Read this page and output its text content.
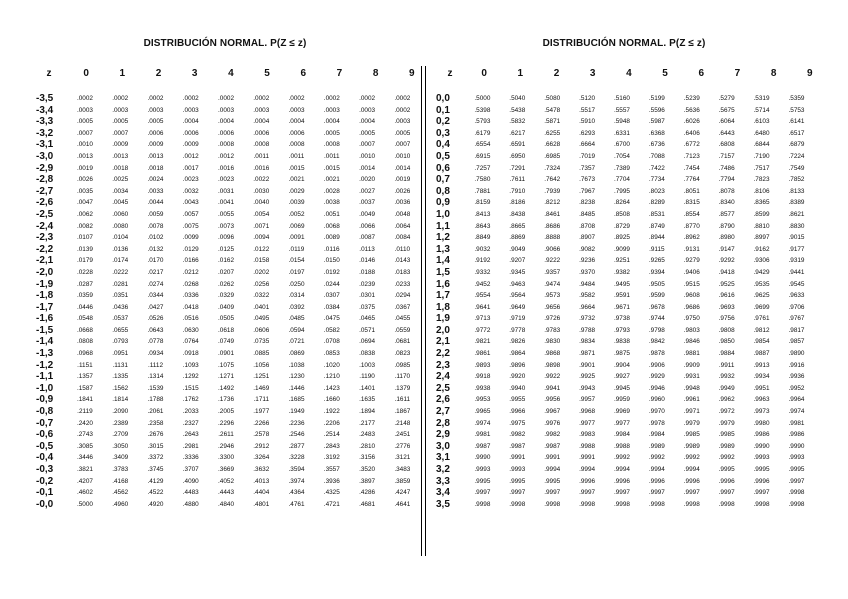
DISTRIBUCIÓN NORMAL. P(Z ≤ z)
z	0	1	2	3	4	5	6	7	8	9
-3,5	.0002	.0002	.0002	.0002	.0002	.0002	.0002	.0002	.0002	.0002
-3,4	.0003	.0003	.0003	.0003	.0003	.0003	.0003	.0003	.0003	.0002
-3,3	.0005	.0005	.0005	.0004	.0004	.0004	.0004	.0004	.0004	.0003
-3,2	.0007	.0007	.0006	.0006	.0006	.0006	.0006	.0005	.0005	.0005
-3,1	.0010	.0009	.0009	.0009	.0008	.0008	.0008	.0008	.0007	.0007
-3,0	.0013	.0013	.0013	.0012	.0012	.0011	.0011	.0011	.0010	.0010
-2,9	.0019	.0018	.0018	.0017	.0016	.0016	.0015	.0015	.0014	.0014
-2,8	.0026	.0025	.0024	.0023	.0023	.0022	.0021	.0021	.0020	.0019
-2,7	.0035	.0034	.0033	.0032	.0031	.0030	.0029	.0028	.0027	.0026
-2,6	.0047	.0045	.0044	.0043	.0041	.0040	.0039	.0038	.0037	.0036
-2,5	.0062	.0060	.0059	.0057	.0055	.0054	.0052	.0051	.0049	.0048
-2,4	.0082	.0080	.0078	.0075	.0073	.0071	.0069	.0068	.0066	.0064
-2,3	.0107	.0104	.0102	.0099	.0096	.0094	.0091	.0089	.0087	.0084
-2,2	.0139	.0136	.0132	.0129	.0125	.0122	.0119	.0116	.0113	.0110
-2,1	.0179	.0174	.0170	.0166	.0162	.0158	.0154	.0150	.0146	.0143
-2,0	.0228	.0222	.0217	.0212	.0207	.0202	.0197	.0192	.0188	.0183
-1,9	.0287	.0281	.0274	.0268	.0262	.0256	.0250	.0244	.0239	.0233
-1,8	.0359	.0351	.0344	.0336	.0329	.0322	.0314	.0307	.0301	.0294
-1,7	.0446	.0436	.0427	.0418	.0409	.0401	.0392	.0384	.0375	.0367
-1,6	.0548	.0537	.0526	.0516	.0505	.0495	.0485	.0475	.0465	.0455
-1,5	.0668	.0655	.0643	.0630	.0618	.0606	.0594	.0582	.0571	.0559
-1,4	.0808	.0793	.0778	.0764	.0749	.0735	.0721	.0708	.0694	.0681
-1,3	.0968	.0951	.0934	.0918	.0901	.0885	.0869	.0853	.0838	.0823
-1,2	.1151	.1131	.1112	.1093	.1075	.1056	.1038	.1020	.1003	.0985
-1,1	.1357	.1335	.1314	.1292	.1271	.1251	.1230	.1210	.1190	.1170
-1,0	.1587	.1562	.1539	.1515	.1492	.1469	.1446	.1423	.1401	.1379
-0,9	.1841	.1814	.1788	.1762	.1736	.1711	.1685	.1660	.1635	.1611
-0,8	.2119	.2090	.2061	.2033	.2005	.1977	.1949	.1922	.1894	.1867
-0,7	.2420	.2389	.2358	.2327	.2296	.2266	.2236	.2206	.2177	.2148
-0,6	.2743	.2709	.2676	.2643	.2611	.2578	.2546	.2514	.2483	.2451
-0,5	.3085	.3050	.3015	.2981	.2946	.2912	.2877	.2843	.2810	.2776
-0,4	.3446	.3409	.3372	.3336	.3300	.3264	.3228	.3192	.3156	.3121
-0,3	.3821	.3783	.3745	.3707	.3669	.3632	.3594	.3557	.3520	.3483
-0,2	.4207	.4168	.4129	.4090	.4052	.4013	.3974	.3936	.3897	.3859
-0,1	.4602	.4562	.4522	.4483	.4443	.4404	.4364	.4325	.4286	.4247
-0,0	.5000	.4960	.4920	.4880	.4840	.4801	.4761	.4721	.4681	.4641
DISTRIBUCIÓN NORMAL. P(Z ≤ z)
z	0	1	2	3	4	5	6	7	8	9
0,0	.5000	.5040	.5080	.5120	.5160	.5199	.5239	.5279	.5319	.5359
0,1	.5398	.5438	.5478	.5517	.5557	.5596	.5636	.5675	.5714	.5753
0,2	.5793	.5832	.5871	.5910	.5948	.5987	.6026	.6064	.6103	.6141
0,3	.6179	.6217	.6255	.6293	.6331	.6368	.6406	.6443	.6480	.6517
0,4	.6554	.6591	.6628	.6664	.6700	.6736	.6772	.6808	.6844	.6879
0,5	.6915	.6950	.6985	.7019	.7054	.7088	.7123	.7157	.7190	.7224
0,6	.7257	.7291	.7324	.7357	.7389	.7422	.7454	.7486	.7517	.7549
0,7	.7580	.7611	.7642	.7673	.7704	.7734	.7764	.7794	.7823	.7852
0,8	.7881	.7910	.7939	.7967	.7995	.8023	.8051	.8078	.8106	.8133
0,9	.8159	.8186	.8212	.8238	.8264	.8289	.8315	.8340	.8365	.8389
1,0	.8413	.8438	.8461	.8485	.8508	.8531	.8554	.8577	.8599	.8621
1,1	.8643	.8665	.8686	.8708	.8729	.8749	.8770	.8790	.8810	.8830
1,2	.8849	.8869	.8888	.8907	.8925	.8944	.8962	.8980	.8997	.9015
1,3	.9032	.9049	.9066	.9082	.9099	.9115	.9131	.9147	.9162	.9177
1,4	.9192	.9207	.9222	.9236	.9251	.9265	.9279	.9292	.9306	.9319
1,5	.9332	.9345	.9357	.9370	.9382	.9394	.9406	.9418	.9429	.9441
1,6	.9452	.9463	.9474	.9484	.9495	.9505	.9515	.9525	.9535	.9545
1,7	.9554	.9564	.9573	.9582	.9591	.9599	.9608	.9616	.9625	.9633
1,8	.9641	.9649	.9656	.9664	.9671	.9678	.9686	.9693	.9699	.9706
1,9	.9713	.9719	.9726	.9732	.9738	.9744	.9750	.9756	.9761	.9767
2,0	.9772	.9778	.9783	.9788	.9793	.9798	.9803	.9808	.9812	.9817
2,1	.9821	.9826	.9830	.9834	.9838	.9842	.9846	.9850	.9854	.9857
2,2	.9861	.9864	.9868	.9871	.9875	.9878	.9881	.9884	.9887	.9890
2,3	.9893	.9896	.9898	.9901	.9904	.9906	.9909	.9911	.9913	.9916
2,4	.9918	.9920	.9922	.9925	.9927	.9929	.9931	.9932	.9934	.9936
2,5	.9938	.9940	.9941	.9943	.9945	.9946	.9948	.9949	.9951	.9952
2,6	.9953	.9955	.9956	.9957	.9959	.9960	.9961	.9962	.9963	.9964
2,7	.9965	.9966	.9967	.9968	.9969	.9970	.9971	.9972	.9973	.9974
2,8	.9974	.9975	.9976	.9977	.9977	.9978	.9979	.9979	.9980	.9981
2,9	.9981	.9982	.9982	.9983	.9984	.9984	.9985	.9985	.9986	.9986
3,0	.9987	.9987	.9987	.9988	.9988	.9989	.9989	.9989	.9990	.9990
3,1	.9990	.9991	.9991	.9991	.9992	.9992	.9992	.9992	.9993	.9993
3,2	.9993	.9993	.9994	.9994	.9994	.9994	.9994	.9995	.9995	.9995
3,3	.9995	.9995	.9995	.9996	.9996	.9996	.9996	.9996	.9996	.9997
3,4	.9997	.9997	.9997	.9997	.9997	.9997	.9997	.9997	.9997	.9998
3,5	.9998	.9998	.9998	.9998	.9998	.9998	.9998	.9998	.9998	.9998
